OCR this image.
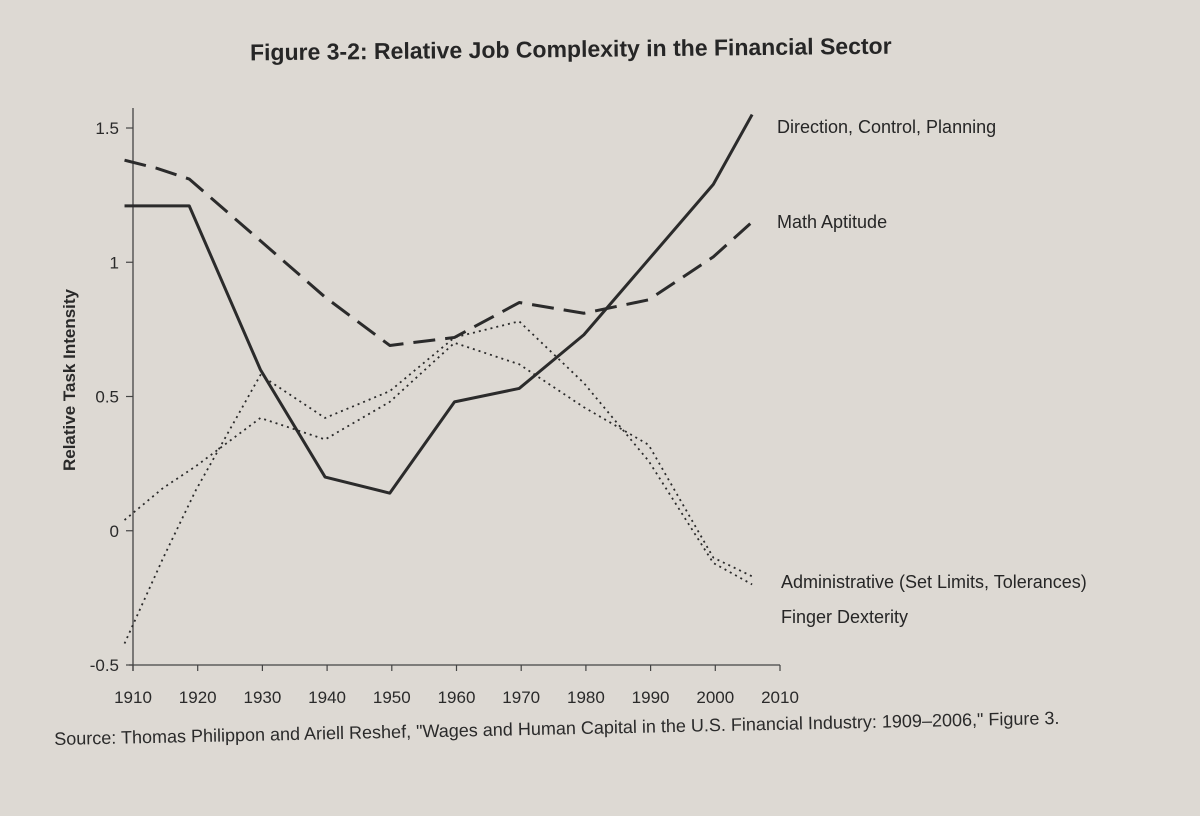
Figure 3-2: Relative Job Complexity in the Financial Sector
Relative Task Intensity
-0.5
0
0.5
1
1.5
1910 1920 1930 1940 1950 1960 1970 1980 1990 2000 2010
Direction, Control, Planning
Math Aptitude
Administrative (Set Limits, Tolerances)
Finger Dexterity
Source: Thomas Philippon and Ariell Reshef, "Wages and Human Capital in the U.S. Financial Industry: 1909–2006," Figure 3.
